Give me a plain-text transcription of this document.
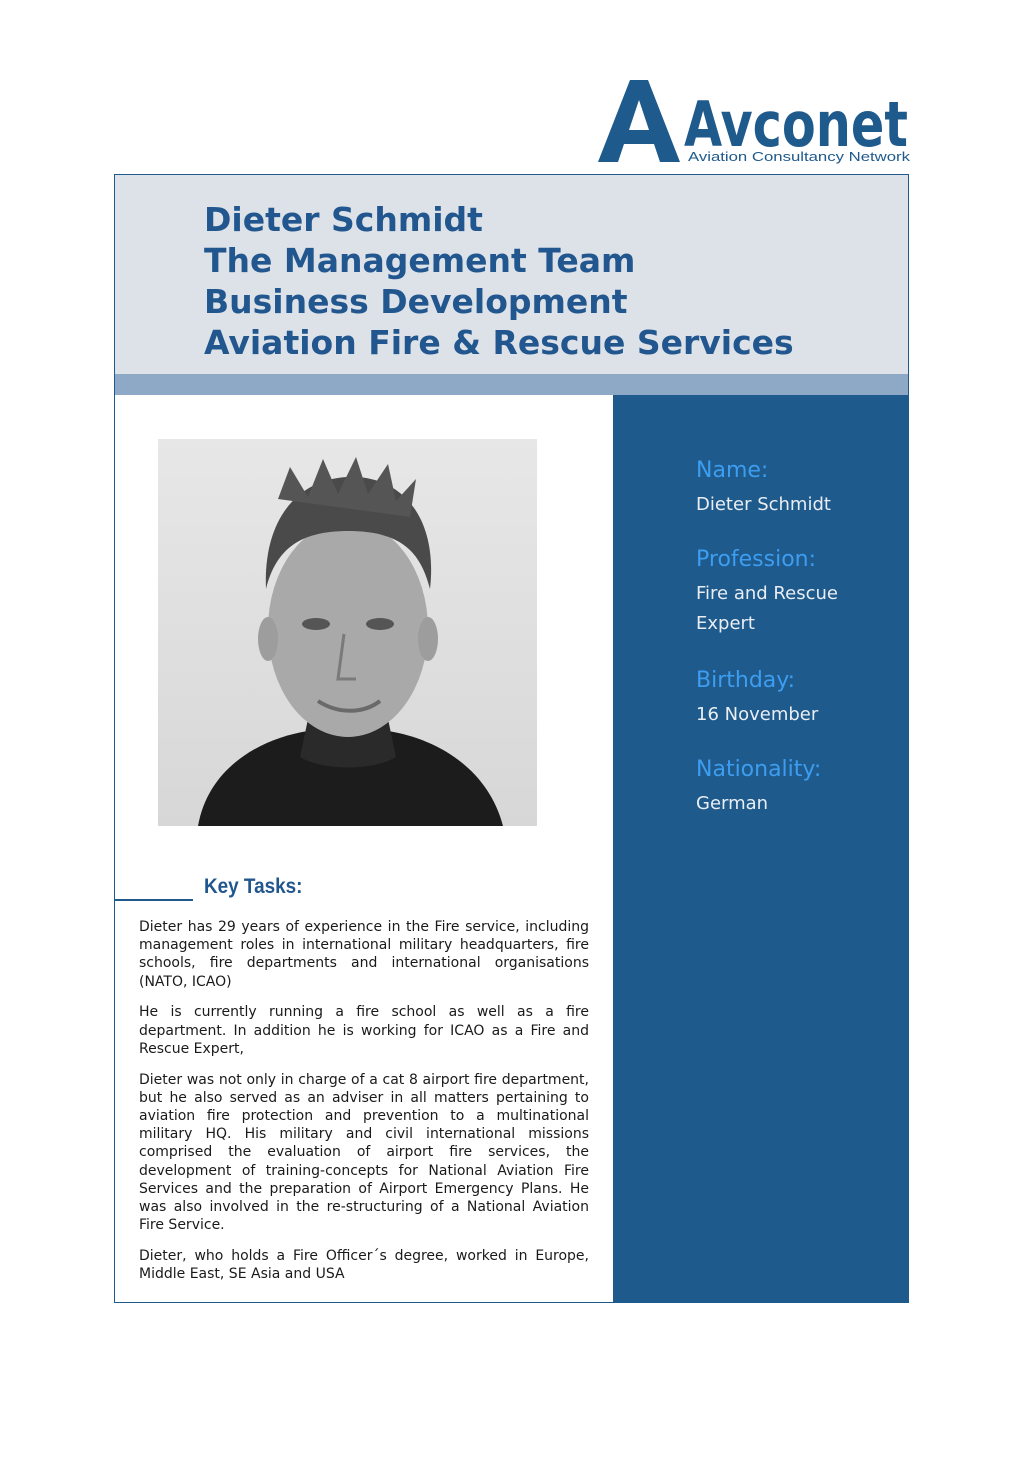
Avconet
Aviation Consultancy Network
Dieter Schmidt
The Management Team
Business Development
Aviation Fire & Rescue Services
Key Tasks:

Dieter has 29 years of experience in the Fire service, including management roles in international military headquarters, fire schools, fire departments and international organisations (NATO, ICAO)

He is currently running a fire school as well as a fire department. In addition he is working for ICAO as a Fire and Rescue Expert,

Dieter was not only in charge of a cat 8 airport fire department, but he also served as an adviser in all matters pertaining to aviation fire protection and prevention to a multinational military HQ. His military and civil international missions comprised the evaluation of airport fire services, the development of training-concepts for National Aviation Fire Services and the preparation of Airport Emergency Plans. He was also involved in the re-structuring of a National Aviation Fire Service.

Dieter, who holds a Fire Officer´s degree, worked in Europe, Middle East, SE Asia and USA

Name:

Dieter Schmidt

Profession:

Fire and Rescue

Expert

Birthday:

16 November

Nationality:

German
